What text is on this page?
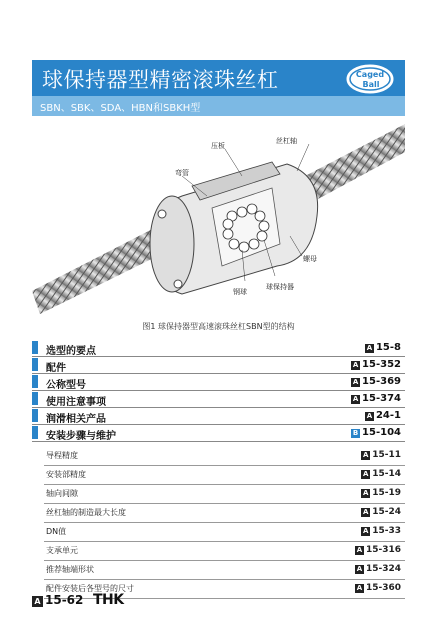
球保持器型精密滚珠丝杠
SBN、SBK、SDA、HBN和SBKH型
Caged
Ball
压板
丝杠轴
弯管
螺母
钢球
球保持器
图1 球保持器型高速滚珠丝杠SBN型的结构
选型的要点	A 15-8
配件	A 15-352
公称型号	A 15-369
使用注意事项	A 15-374
润滑相关产品	A 24-1
安装步骤与维护	B 15-104
导程精度	A 15-11
安装部精度	A 15-14
轴向间隙	A 15-19
丝杠轴的制造最大长度	A 15-24
DN值	A 15-33
支承单元	A 15-316
推荐轴端形状	A 15-324
配件安装后各型号的尺寸	A 15-360
A 15-62 THK
